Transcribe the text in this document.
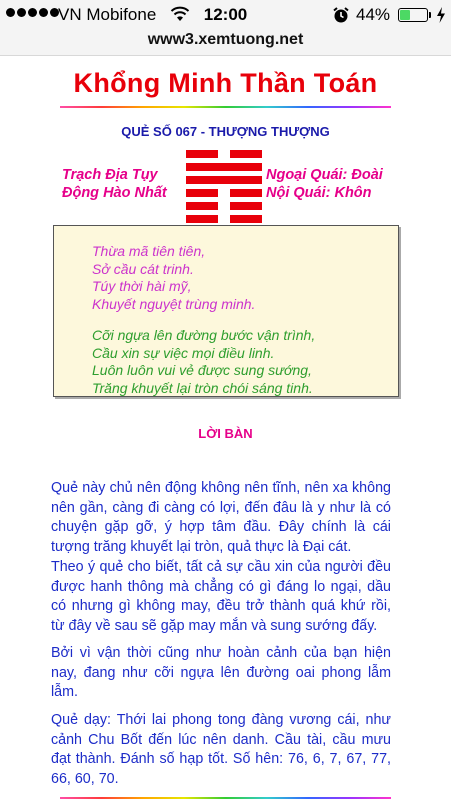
VN Mobifone	12:00	44%
www3.xemtuong.net
Khổng Minh Thần Toán
QUẺ SỐ 067 - THƯỢNG THƯỢNG
Trạch Địa Tụy
Động Hào Nhất
Ngoại Quái: Đoài
Nội Quái: Khôn
Thừa mã tiên tiên,
Sở cầu cát trinh.
Túy thời hài mỹ,
Khuyết nguyệt trùng minh.
Cỡi ngựa lên đường bước vận trình,
Cầu xin sự việc mọi điều linh.
Luôn luôn vui vẻ được sung sướng,
Trăng khuyết lại tròn chói sáng tinh.
LỜI BÀN
Quẻ này chủ nên động không nên tĩnh, nên xa không nên gần, càng đi càng có lợi, đến đâu là y như là có chuyện gặp gỡ, ý hợp tâm đầu. Đây chính là cái tượng trăng khuyết lại tròn, quả thực là Đại cát.
Theo ý quẻ cho biết, tất cả sự cầu xin của người đều được hanh thông mà chẳng có gì đáng lo ngại, dầu có nhưng gì không may, đều trở thành quá khứ rồi, từ đây về sau sẽ gặp may mắn và sung sướng đấy.
Bởi vì vận thời cũng như hoàn cảnh của bạn hiện nay, đang như cỡi ngựa lên đường oai phong lẫm lẫm.
Quẻ dạy: Thới lai phong tong đàng vương cái, như cảnh Chu Bốt đến lúc nên danh. Cầu tài, cầu mưu đạt thành. Đánh số hạp tốt. Số hên: 76, 6, 7, 67, 77, 66, 60, 70.
